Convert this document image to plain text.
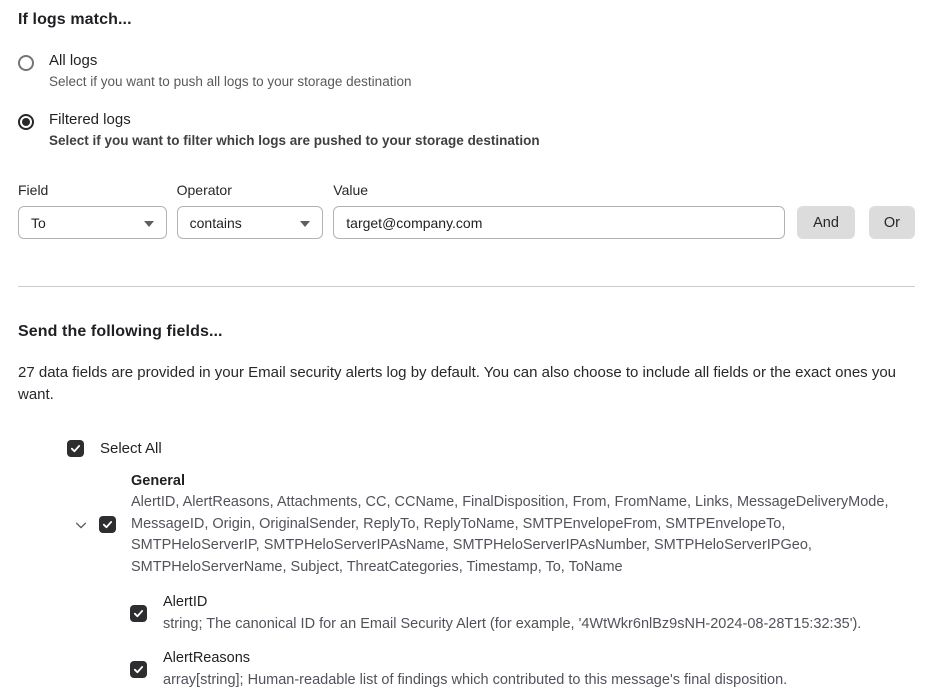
If logs match...
All logs
Select if you want to push all logs to your storage destination
Filtered logs
Select if you want to filter which logs are pushed to your storage destination
Field
To
Operator
contains
Value
target@company.com
And	Or
Send the following fields...

27 data fields are provided in your Email security alerts log by default. You can also choose to include all fields or the exact ones you want.

Select All
General
AlertID, AlertReasons, Attachments, CC, CCName, FinalDisposition, From, FromName, Links, MessageDeliveryMode, MessageID, Origin, OriginalSender, ReplyTo, ReplyToName, SMTPEnvelopeFrom, SMTPEnvelopeTo, SMTPHeloServerIP, SMTPHeloServerIPAsName, SMTPHeloServerIPAsNumber, SMTPHeloServerIPGeo, SMTPHeloServerName, Subject, ThreatCategories, Timestamp, To, ToName
AlertID
string; The canonical ID for an Email Security Alert (for example, '4WtWkr6nlBz9sNH-2024-08-28T15:32:35').
AlertReasons
array[string]; Human-readable list of findings which contributed to this message's final disposition.
